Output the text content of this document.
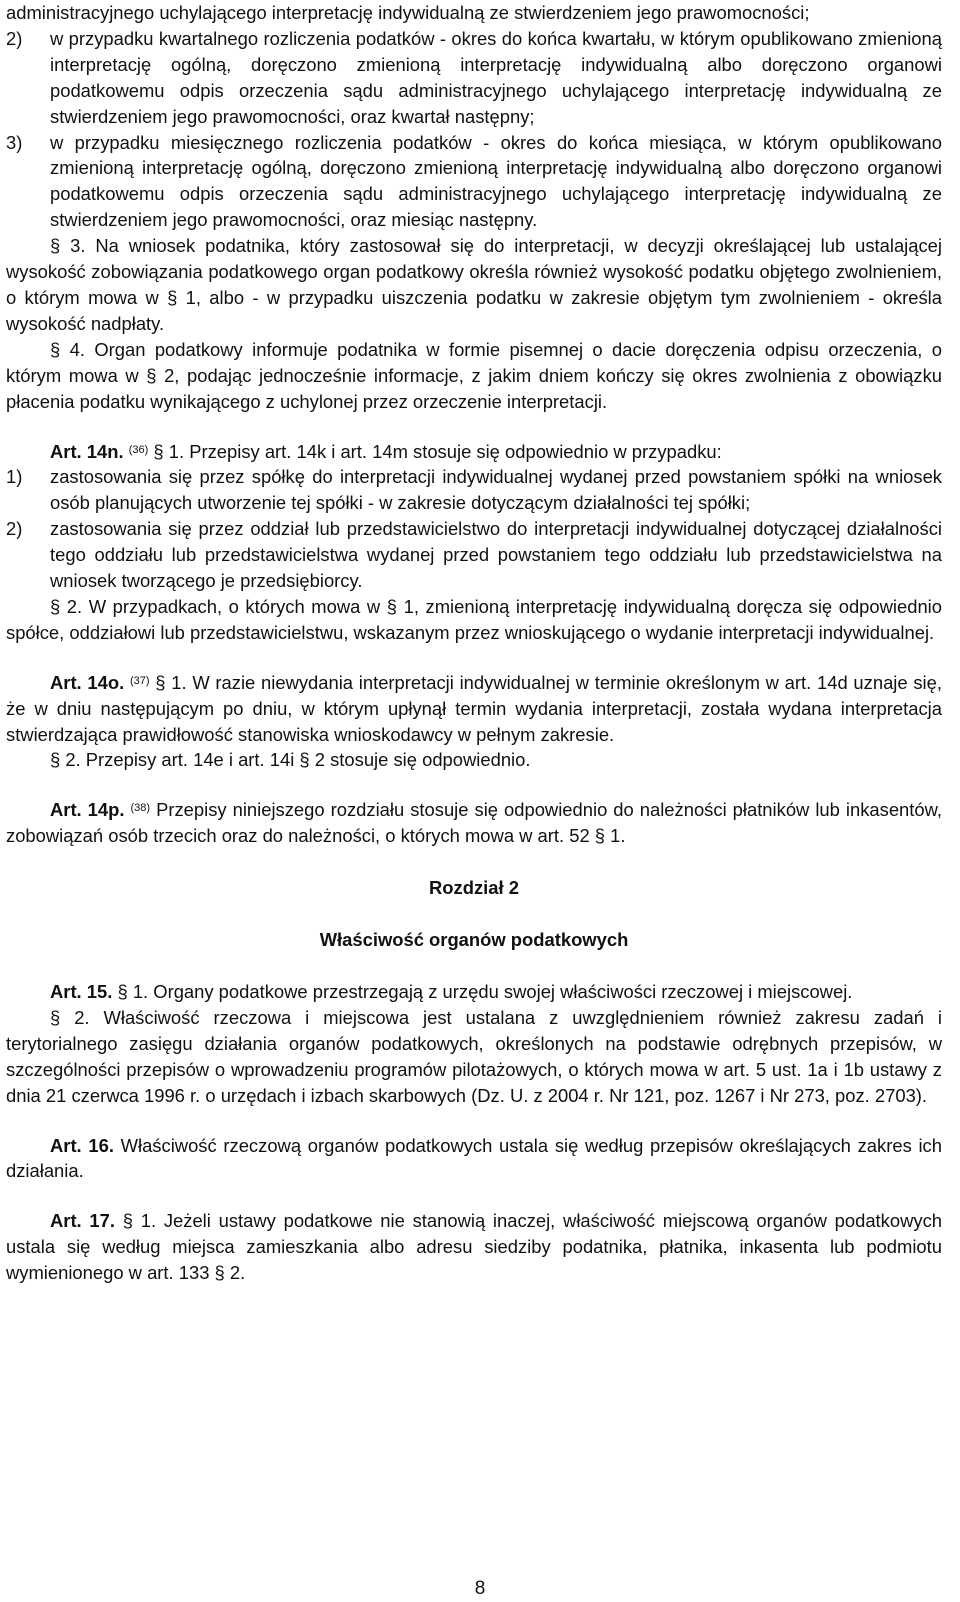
administracyjnego uchylającego interpretację indywidualną ze stwierdzeniem jego prawomocności;

2)	w przypadku kwartalnego rozliczenia podatków - okres do końca kwartału, w którym opublikowano zmienioną interpretację ogólną, doręczono zmienioną interpretację indywidualną albo doręczono organowi podatkowemu odpis orzeczenia sądu administracyjnego uchylającego interpretację indywidualną ze stwierdzeniem jego prawomocności, oraz kwartał następny;
3)	w przypadku miesięcznego rozliczenia podatków - okres do końca miesiąca, w którym opublikowano zmienioną interpretację ogólną, doręczono zmienioną interpretację indywidualną albo doręczono organowi podatkowemu odpis orzeczenia sądu administracyjnego uchylającego interpretację indywidualną ze stwierdzeniem jego prawomocności, oraz miesiąc następny.

§ 3. Na wniosek podatnika, który zastosował się do interpretacji, w decyzji określającej lub ustalającej wysokość zobowiązania podatkowego organ podatkowy określa również wysokość podatku objętego zwolnieniem, o którym mowa w § 1, albo - w przypadku uiszczenia podatku w zakresie objętym tym zwolnieniem - określa wysokość nadpłaty.

§ 4. Organ podatkowy informuje podatnika w formie pisemnej o dacie doręczenia odpisu orzeczenia, o którym mowa w § 2, podając jednocześnie informacje, z jakim dniem kończy się okres zwolnienia z obowiązku płacenia podatku wynikającego z uchylonej przez orzeczenie interpretacji.

Art. 14n. $^{(36)}$ § 1. Przepisy art. 14k i art. 14m stosuje się odpowiednio w przypadku:

1)	zastosowania się przez spółkę do interpretacji indywidualnej wydanej przed powstaniem spółki na wniosek osób planujących utworzenie tej spółki - w zakresie dotyczącym działalności tej spółki;
2)	zastosowania się przez oddział lub przedstawicielstwo do interpretacji indywidualnej dotyczącej działalności tego oddziału lub przedstawicielstwa wydanej przed powstaniem tego oddziału lub przedstawicielstwa na wniosek tworzącego je przedsiębiorcy.

§ 2. W przypadkach, o których mowa w § 1, zmienioną interpretację indywidualną doręcza się odpowiednio spółce, oddziałowi lub przedstawicielstwu, wskazanym przez wnioskującego o wydanie interpretacji indywidualnej.

Art. 14o. $^{(37)}$ § 1. W razie niewydania interpretacji indywidualnej w terminie określonym w art. 14d uznaje się, że w dniu następującym po dniu, w którym upłynął termin wydania interpretacji, została wydana interpretacja stwierdzająca prawidłowość stanowiska wnioskodawcy w pełnym zakresie.

§ 2. Przepisy art. 14e i art. 14i § 2 stosuje się odpowiednio.

Art. 14p. $^{(38)}$ Przepisy niniejszego rozdziału stosuje się odpowiednio do należności płatników lub inkasentów, zobowiązań osób trzecich oraz do należności, o których mowa w art. 52 § 1.

Rozdział 2

Właściwość organów podatkowych

Art. 15. § 1. Organy podatkowe przestrzegają z urzędu swojej właściwości rzeczowej i miejscowej.

§ 2. Właściwość rzeczowa i miejscowa jest ustalana z uwzględnieniem również zakresu zadań i terytorialnego zasięgu działania organów podatkowych, określonych na podstawie odrębnych przepisów, w szczególności przepisów o wprowadzeniu programów pilotażowych, o których mowa w art. 5 ust. 1a i 1b ustawy z dnia 21 czerwca 1996 r. o urzędach i izbach skarbowych (Dz. U. z 2004 r. Nr 121, poz. 1267 i Nr 273, poz. 2703).

Art. 16. Właściwość rzeczową organów podatkowych ustala się według przepisów określających zakres ich działania.

Art. 17. § 1. Jeżeli ustawy podatkowe nie stanowią inaczej, właściwość miejscową organów podatkowych ustala się według miejsca zamieszkania albo adresu siedziby podatnika, płatnika, inkasenta lub podmiotu wymienionego w art. 133 § 2.

8
